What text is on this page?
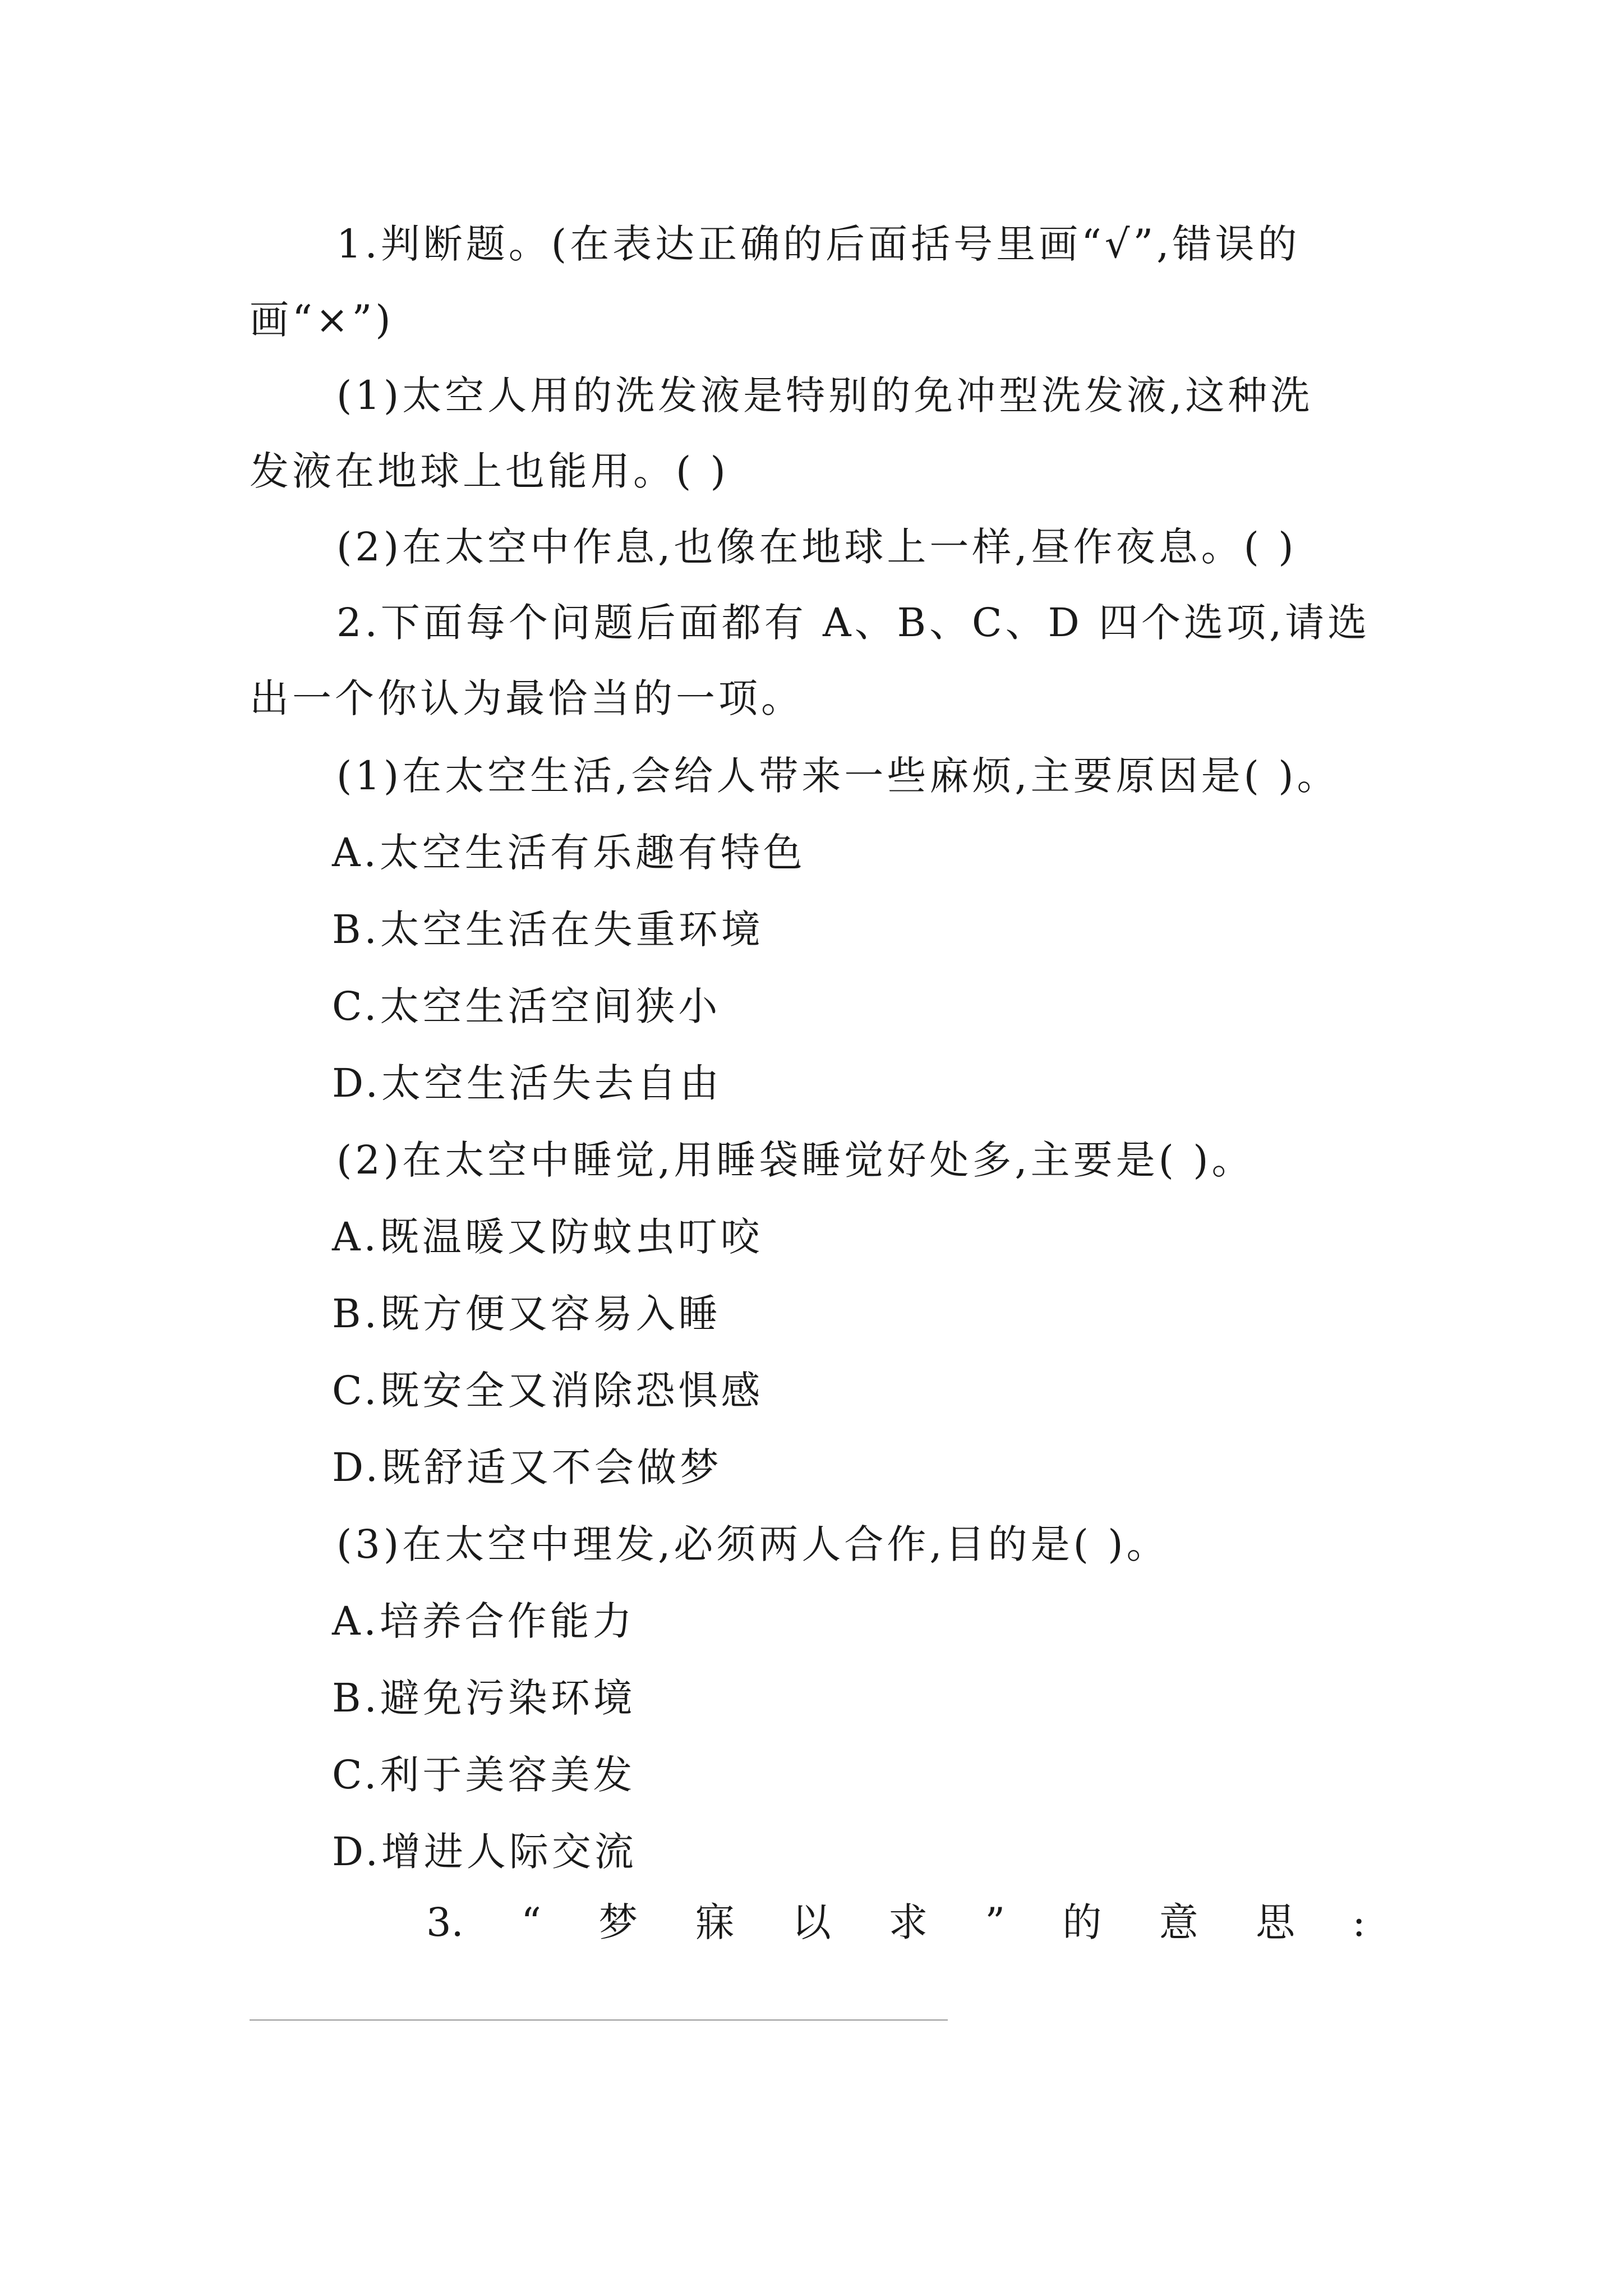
1.判断题。(在表达正确的后面括号里画“√”,错误的
画“×”)
(1)太空人用的洗发液是特别的免冲型洗发液,这种洗
发液在地球上也能用。( )
(2)在太空中作息,也像在地球上一样,昼作夜息。( )
2.下面每个问题后面都有 A、B、C、D 四个选项,请选
出一个你认为最恰当的一项。
(1)在太空生活,会给人带来一些麻烦,主要原因是( )。
A.太空生活有乐趣有特色
B.太空生活在失重环境
C.太空生活空间狭小
D.太空生活失去自由
(2)在太空中睡觉,用睡袋睡觉好处多,主要是( )。
A.既温暖又防蚊虫叮咬
B.既方便又容易入睡
C.既安全又消除恐惧感
D.既舒适又不会做梦
(3)在太空中理发,必须两人合作,目的是( )。
A.培养合作能力
B.避免污染环境
C.利于美容美发
D.增进人际交流
3. “ 梦 寐 以 求 ” 的 意 思 :
